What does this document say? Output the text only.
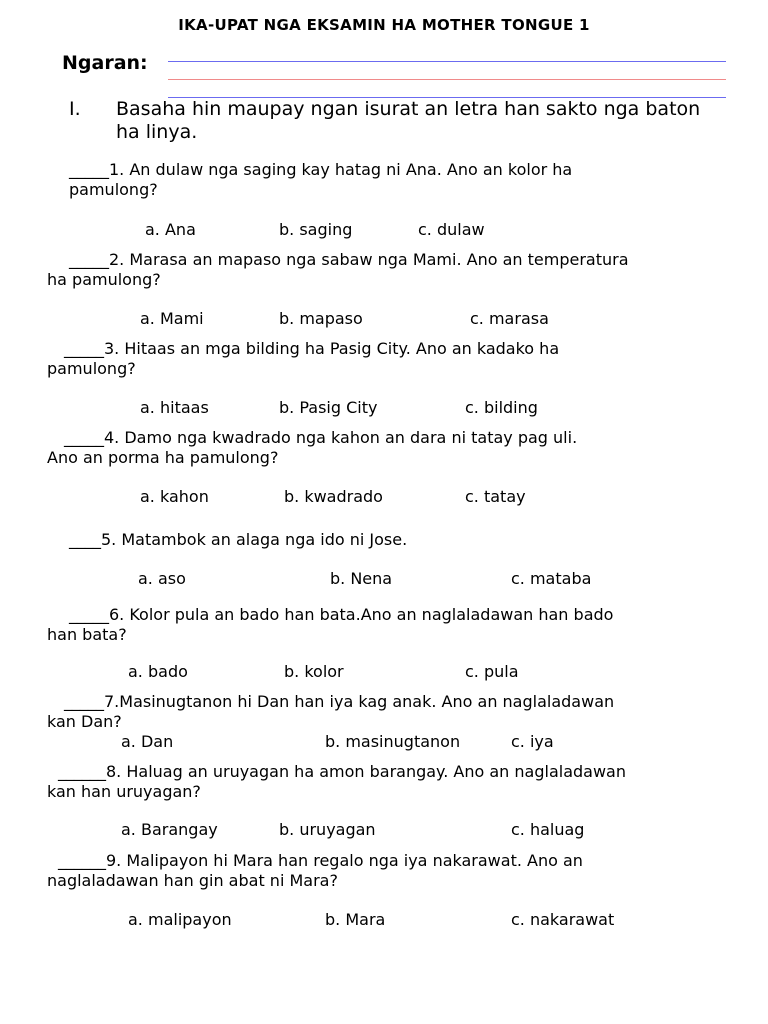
IKA-UPAT NGA EKSAMIN HA MOTHER TONGUE 1
Ngaran:
I. Basaha hin maupay ngan isurat an letra han sakto nga baton ha linya.
_____1. An dulaw nga saging kay hatag ni Ana. Ano an kolor ha
pamulong?
a. Ana	b. saging	c. dulaw
_____2. Marasa an mapaso nga sabaw nga Mami. Ano an temperatura
ha pamulong?
a. Mami	b. mapaso	c. marasa
_____3. Hitaas an mga bilding ha Pasig City. Ano an kadako ha
pamulong?
a. hitaas	b. Pasig City	c. bilding
_____4. Damo nga kwadrado nga kahon an dara ni tatay pag uli.
Ano an porma ha pamulong?
a. kahon	b. kwadrado	c. tatay
____5. Matambok an alaga nga ido ni Jose.
a. aso	b. Nena	c. mataba
_____6. Kolor pula an bado han bata.Ano an naglaladawan han bado
han bata?
a. bado	b. kolor	c. pula
_____7.Masinugtanon hi Dan han iya kag anak. Ano an naglaladawan
kan Dan?
a. Dan	b. masinugtanon	c. iya
______8. Haluag an uruyagan ha amon barangay. Ano an naglaladawan
kan han uruyagan?
a. Barangay	b. uruyagan	c. haluag
______9. Malipayon hi Mara han regalo nga iya nakarawat. Ano an
naglaladawan han gin abat ni Mara?
a. malipayon	b. Mara	c. nakarawat
